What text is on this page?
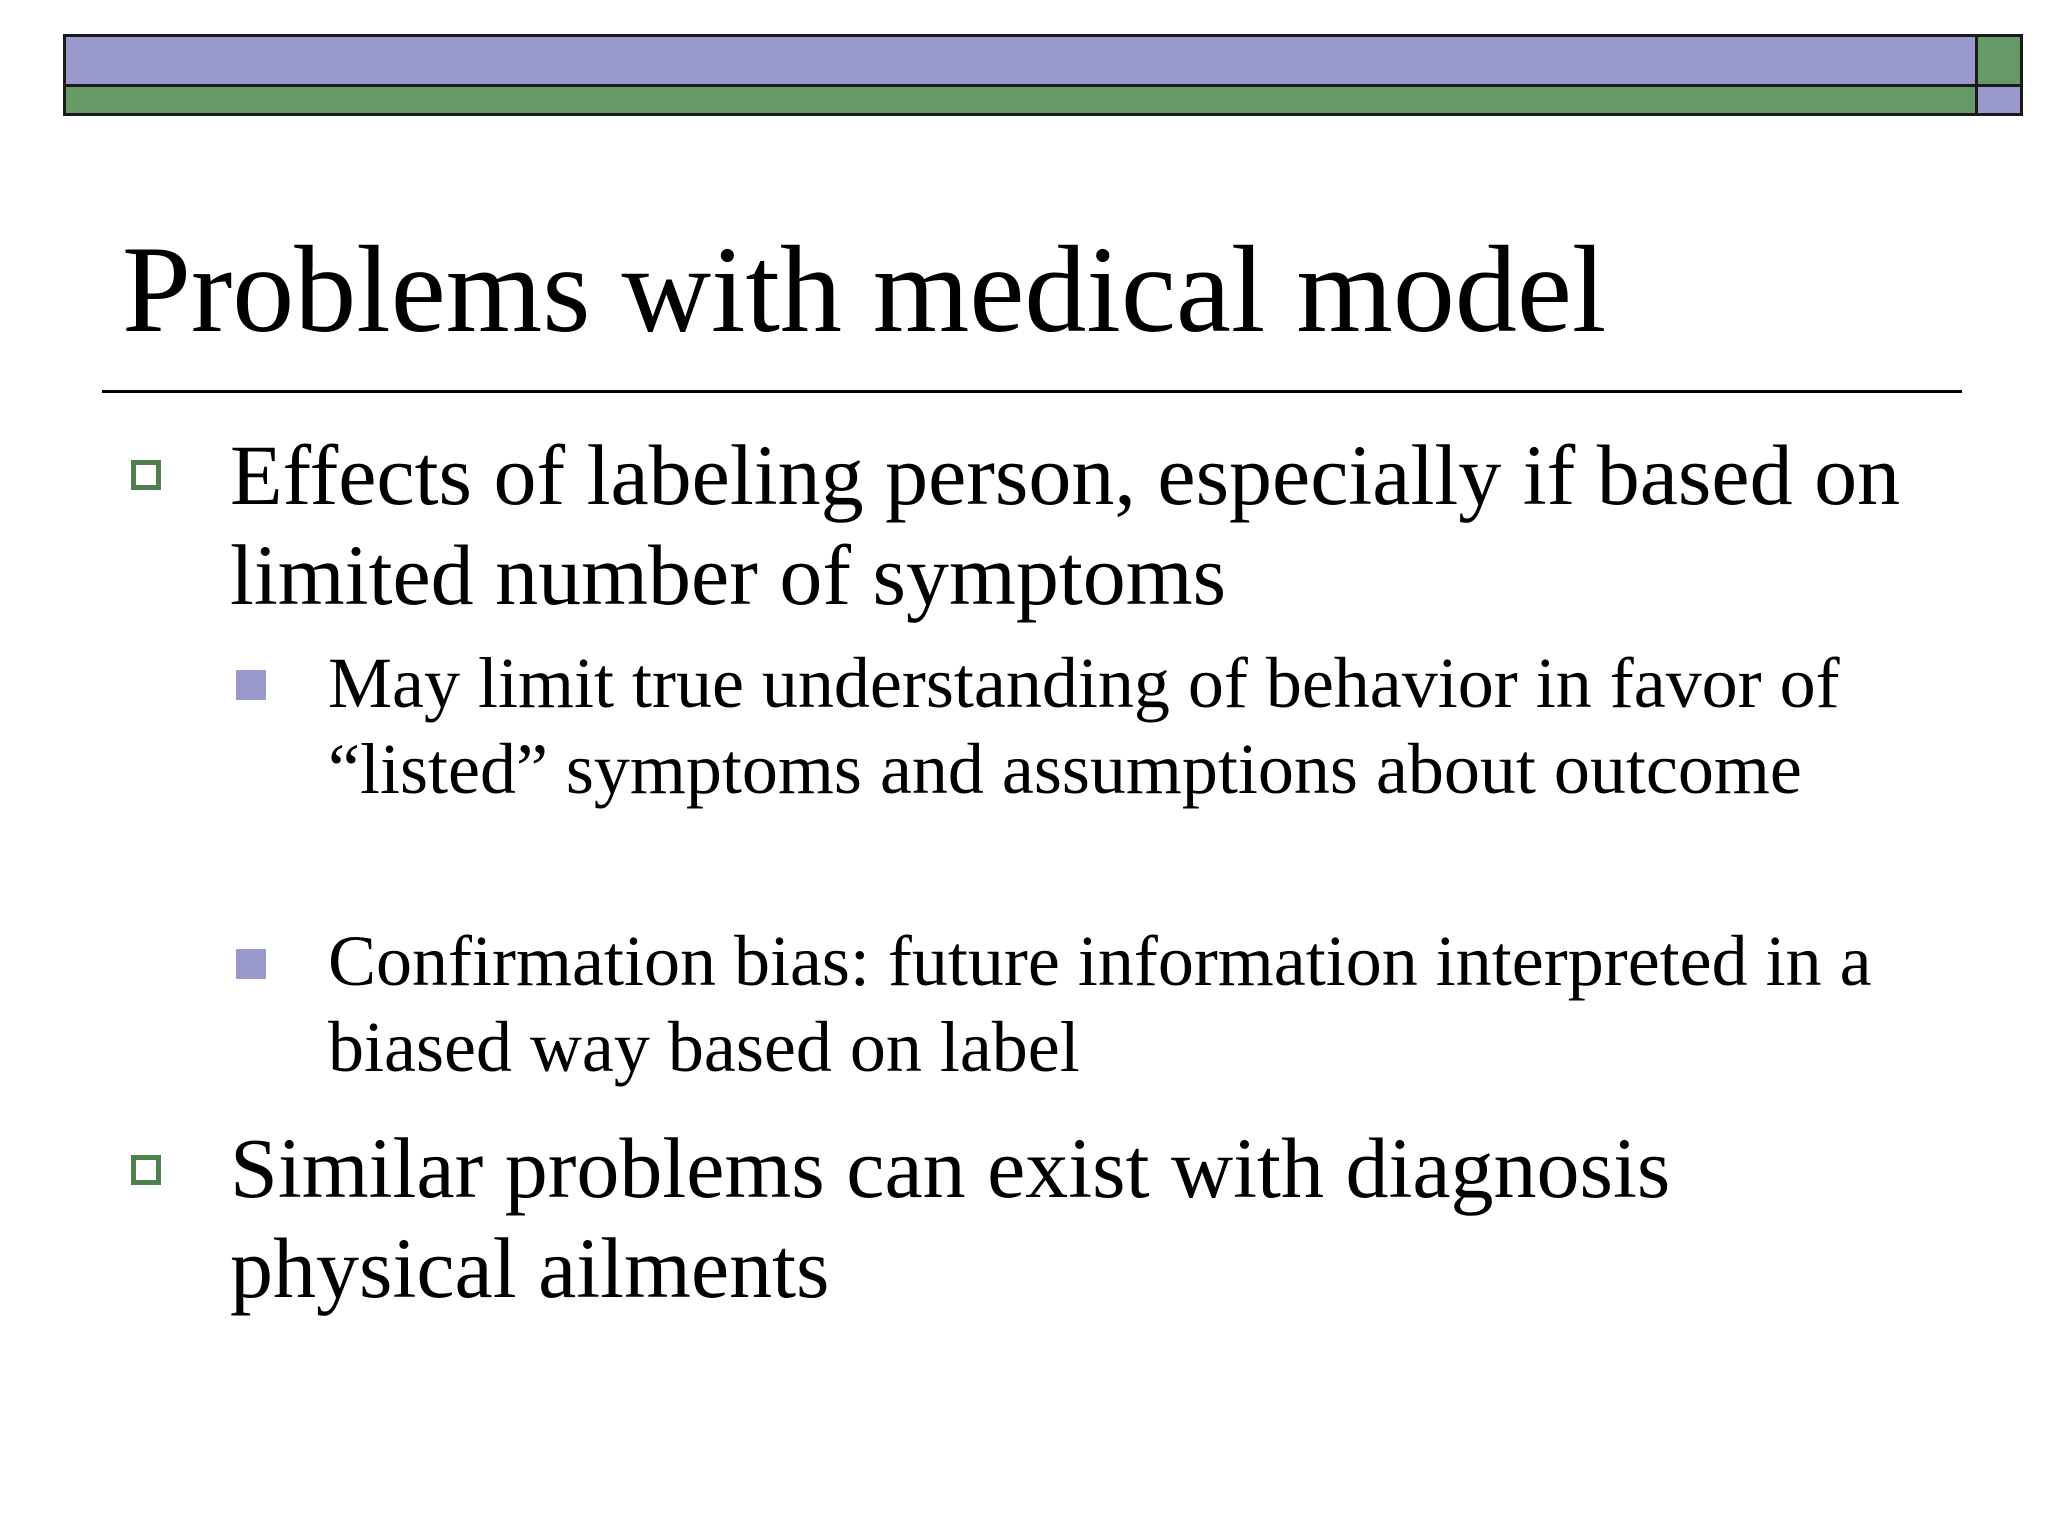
Problems with medical model

Effects of labeling person, especially if based on limited number of symptoms

May limit true understanding of behavior in favor of “listed” symptoms and assumptions about outcome

Confirmation bias: future information interpreted in a biased way based on label

Similar problems can exist with diagnosis physical ailments
